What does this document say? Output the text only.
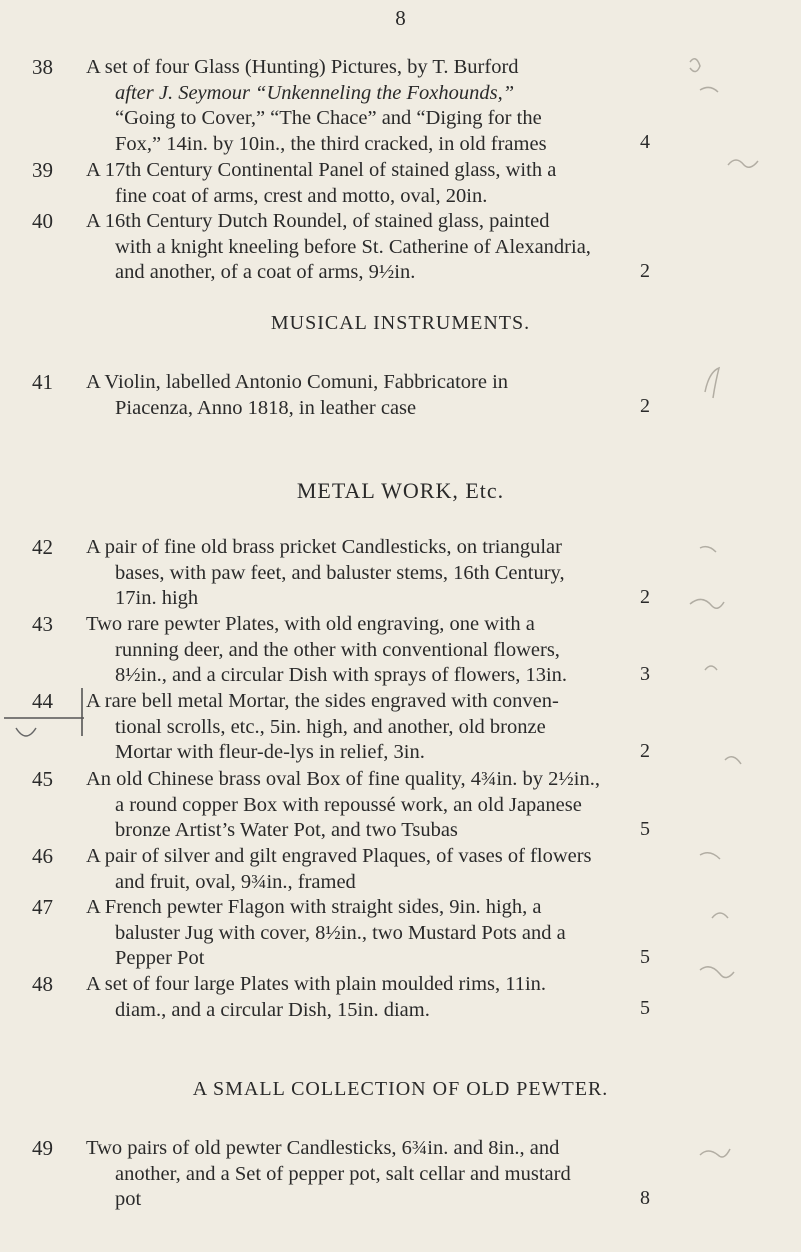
8
38 A set of four Glass (Hunting) Pictures, by T. Burford
after J. Seymour “Unkenneling the Foxhounds,”
“Going to Cover,” “The Chace” and “Diging for the
Fox,” 14in. by 10in., the third cracked, in old frames	4
39 A 17th Century Continental Panel of stained glass, with a
fine coat of arms, crest and motto, oval, 20in.
40 A 16th Century Dutch Roundel, of stained glass, painted
with a knight kneeling before St. Catherine of Alexandria,
and another, of a coat of arms, 9½in.	2
MUSICAL INSTRUMENTS.
41 A Violin, labelled Antonio Comuni, Fabbricatore in
Piacenza, Anno 1818, in leather case	2
METAL WORK, Etc.
42 A pair of fine old brass pricket Candlesticks, on triangular
bases, with paw feet, and baluster stems, 16th Century,
17in. high	2
43 Two rare pewter Plates, with old engraving, one with a
running deer, and the other with conventional flowers,
8½in., and a circular Dish with sprays of flowers, 13in.	3
44 A rare bell metal Mortar, the sides engraved with conven-
tional scrolls, etc., 5in. high, and another, old bronze
Mortar with fleur-de-lys in relief, 3in.	2
45 An old Chinese brass oval Box of fine quality, 4¾in. by 2½in.,
a round copper Box with repoussé work, an old Japanese
bronze Artist’s Water Pot, and two Tsubas	5
46 A pair of silver and gilt engraved Plaques, of vases of flowers
and fruit, oval, 9¾in., framed
47 A French pewter Flagon with straight sides, 9in. high, a
baluster Jug with cover, 8½in., two Mustard Pots and a
Pepper Pot	5
48 A set of four large Plates with plain moulded rims, 11in.
diam., and a circular Dish, 15in. diam.	5
A SMALL COLLECTION OF OLD PEWTER.
49 Two pairs of old pewter Candlesticks, 6¾in. and 8in., and
another, and a Set of pepper pot, salt cellar and mustard
pot	8
